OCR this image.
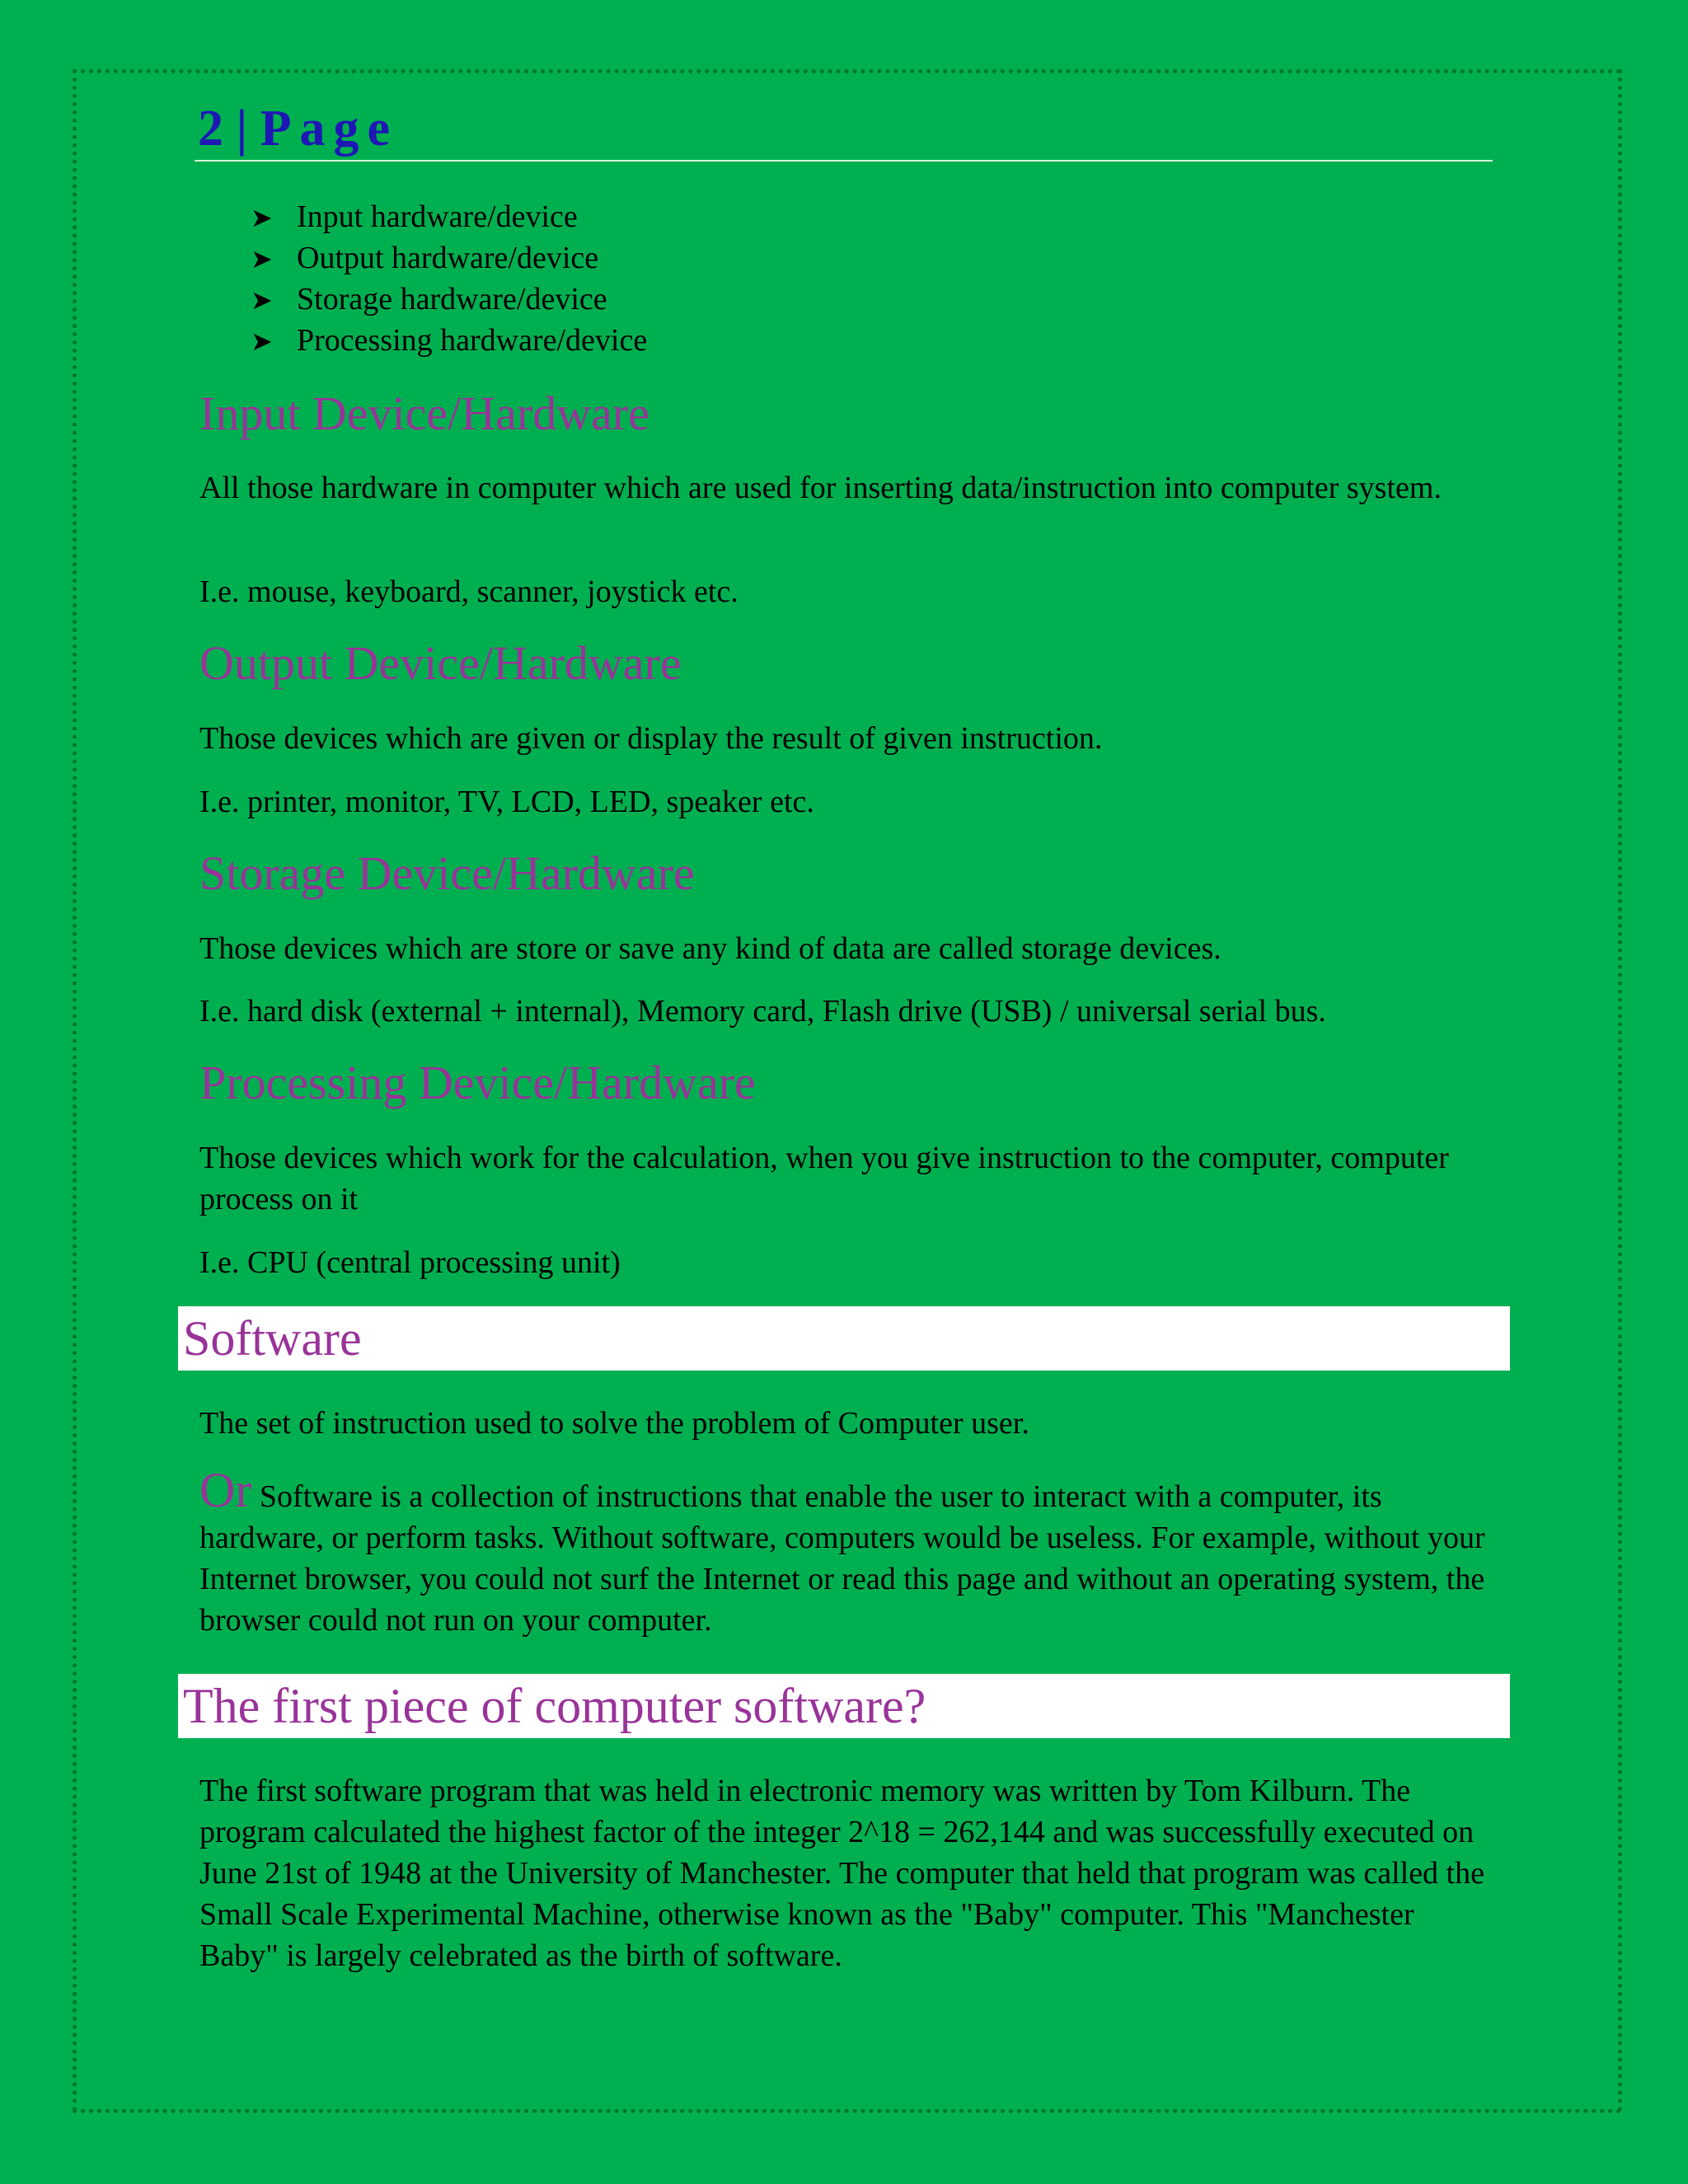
2 | Page
➤ Input hardware/device
➤ Output hardware/device
➤ Storage hardware/device
➤ Processing hardware/device
Input Device/Hardware
All those hardware in computer which are used for inserting data/instruction into computer system.
I.e. mouse, keyboard, scanner, joystick etc.
Output Device/Hardware
Those devices which are given or display the result of given instruction.
I.e. printer, monitor, TV, LCD, LED, speaker etc.
Storage Device/Hardware
Those devices which are store or save any kind of data are called storage devices.
I.e. hard disk (external + internal), Memory card, Flash drive (USB) / universal serial bus.
Processing Device/Hardware
Those devices which work for the calculation, when you give instruction to the computer, computer process on it
I.e. CPU (central processing unit)
Software
The set of instruction used to solve the problem of Computer user.
Or Software is a collection of instructions that enable the user to interact with a computer, its hardware, or perform tasks. Without software, computers would be useless. For example, without your Internet browser, you could not surf the Internet or read this page and without an operating system, the browser could not run on your computer.
The first piece of computer software?
The first software program that was held in electronic memory was written by Tom Kilburn. The program calculated the highest factor of the integer 2^18 = 262,144 and was successfully executed on June 21st of 1948 at the University of Manchester. The computer that held that program was called the Small Scale Experimental Machine, otherwise known as the "Baby" computer. This "Manchester Baby" is largely celebrated as the birth of software.
